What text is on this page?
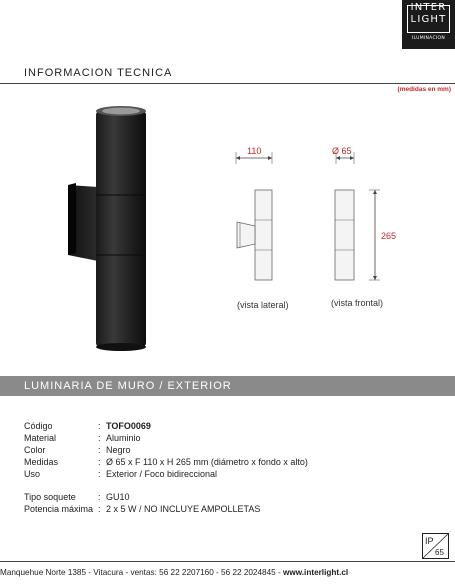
INTER
LIGHT
ILUMINACION
INFORMACION TECNICA
(medidas en mm)
110	Ø 65
265
(vista lateral)	(vista frontal)
LUMINARIA DE MURO / EXTERIOR
Código	: TOFO0069
Material	: Aluminio
Color	: Negro
Medidas	: Ø 65 x F 110 x H 265 mm (diámetro x fondo x alto)
Uso	: Exterior / Foco bidireccional
Tipo soquete	: GU10
Potencia máxima : 2 x 5 W / NO INCLUYE AMPOLLETAS
IP
65
Manquehue Norte 1385 - Vitacura - ventas: 56 22 2207160 - 56 22 2024845 - www.interlight.cl
